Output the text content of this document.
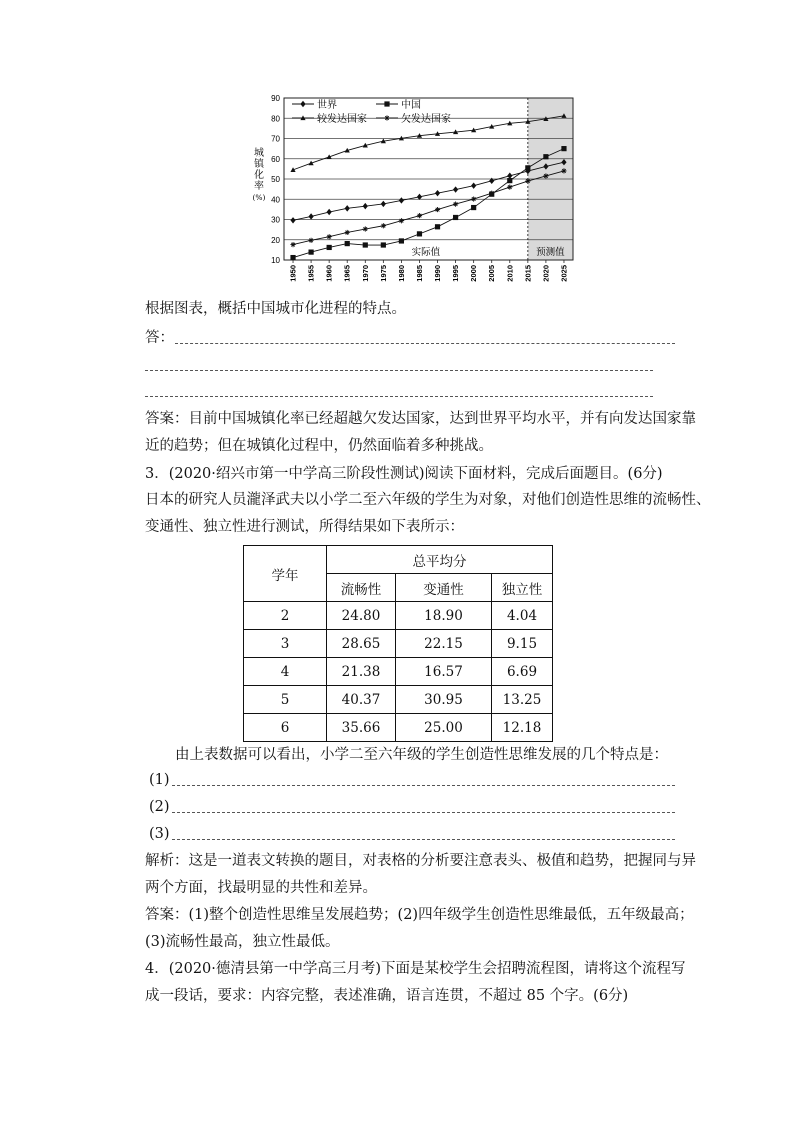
10
20
30
40
50
60
70
80
90
1950 1955 1960 1965 1970 1975 1980 1985 1990 1995 2000 2005 2010 2015 2020 2025
实际值	预测值
城
镇
化
率
(%)
世界	中国
较发达国家	欠发达国家
根据图表，概括中国城市化进程的特点。
答：
答案：目前中国城镇化率已经超越欠发达国家，达到世界平均水平，并有向发达国家靠
近的趋势；但在城镇化过程中，仍然面临着多种挑战。
3．(2020·绍兴市第一中学高三阶段性测试)阅读下面材料，完成后面题目。(6分)
日本的研究人员瀧泽武夫以小学二至六年级的学生为对象，对他们创造性思维的流畅性、
变通性、独立性进行测试，所得结果如下表所示：
学年	总平均分		
	流畅性	变通性	独立性
2	24.80	18.90	4.04
3	28.65	22.15	9.15
4	21.38	16.57	6.69
5	40.37	30.95	13.25
6	35.66	25.00	12.18
由上表数据可以看出，小学二至六年级的学生创造性思维发展的几个特点是：
(1)
(2)
(3)
解析：这是一道表文转换的题目，对表格的分析要注意表头、极值和趋势，把握同与异
两个方面，找最明显的共性和差异。
答案：(1)整个创造性思维呈发展趋势；(2)四年级学生创造性思维最低，五年级最高；
(3)流畅性最高，独立性最低。
4．(2020·德清县第一中学高三月考)下面是某校学生会招聘流程图，请将这个流程写
成一段话，要求：内容完整，表述准确，语言连贯，不超过 85 个字。(6分)
